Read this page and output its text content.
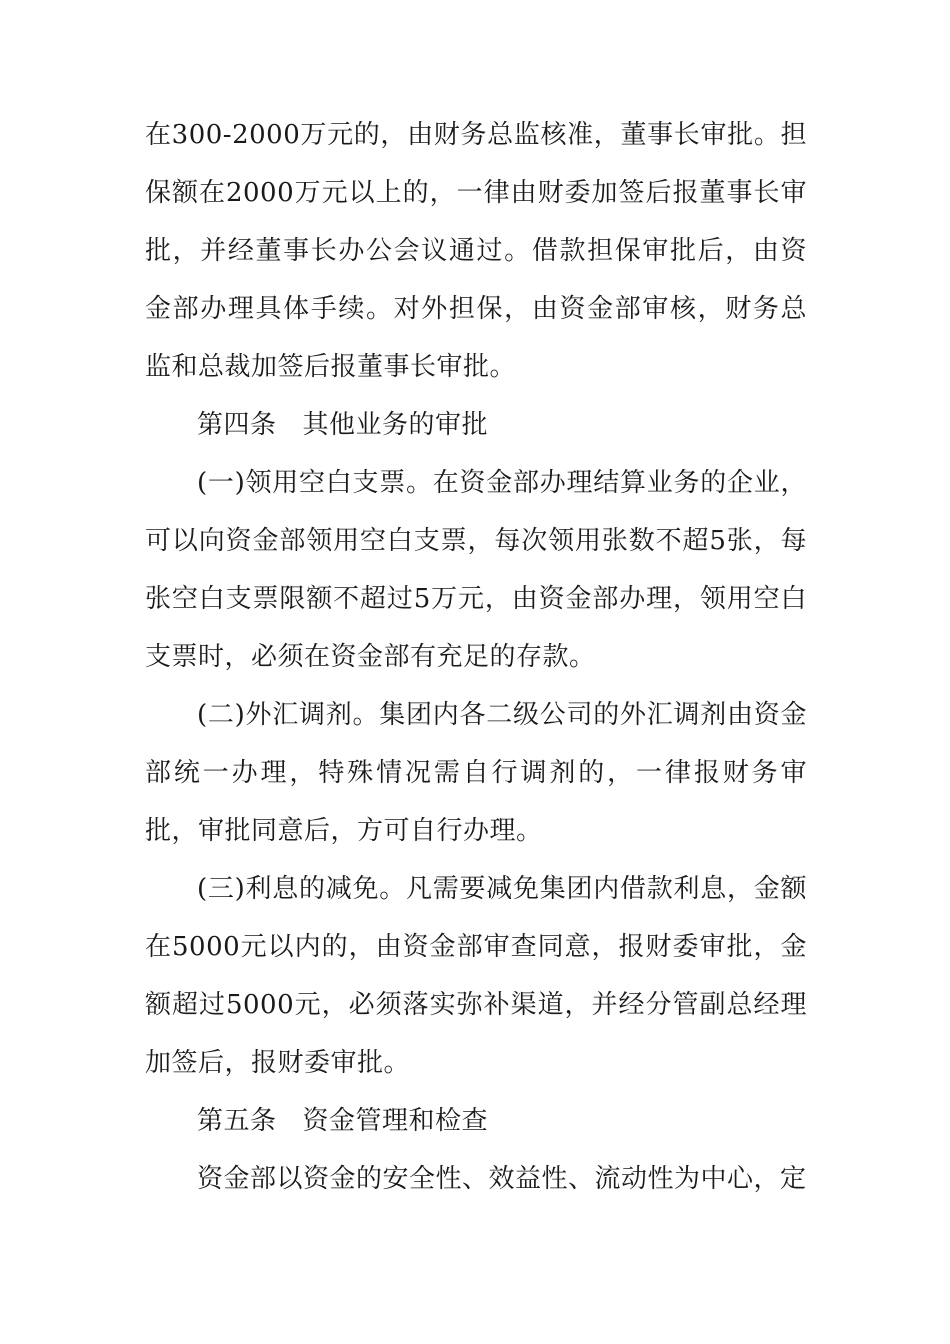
在300-2000万元的，由财务总监核准，董事长审批。担保额在2000万元以上的，一律由财委加签后报董事长审批，并经董事长办公会议通过。借款担保审批后，由资金部办理具体手续。对外担保，由资金部审核，财务总监和总裁加签后报董事长审批。

第四条 其他业务的审批

(一)领用空白支票。在资金部办理结算业务的企业，可以向资金部领用空白支票，每次领用张数不超5张，每张空白支票限额不超过5万元，由资金部办理，领用空白支票时，必须在资金部有充足的存款。

(二)外汇调剂。集团内各二级公司的外汇调剂由资金部统一办理，特殊情况需自行调剂的，一律报财务审批，审批同意后，方可自行办理。

(三)利息的减免。凡需要减免集团内借款利息，金额在5000元以内的，由资金部审查同意，报财委审批，金额超过5000元，必须落实弥补渠道，并经分管副总经理加签后，报财委审批。

第五条 资金管理和检查

资金部以资金的安全性、效益性、流动性为中心，定
